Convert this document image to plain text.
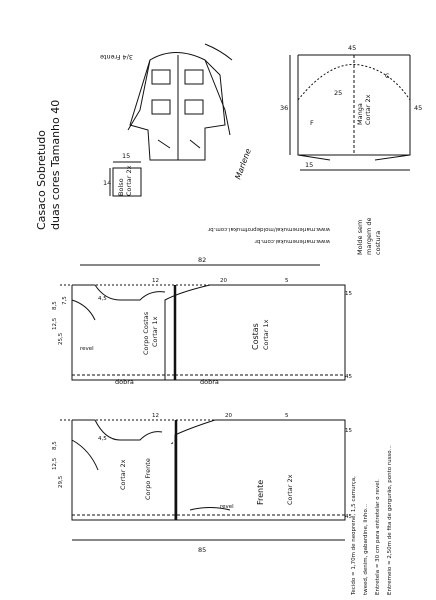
Casaco Sobretudo duas cores Tamanho 40
3/4 Frente
Marlene
www.marlenemukai.com.br
www.marlenemukai/moldeprofmukai.com.br
Bolso Cortar 2x
14
15
Manga Cortar 2x
45
25
36
15
45
C
F
Molde sem margem de costura
Corpo Costas Cortar 1x	Costas Cortar 1x
dobra	dobra
82
12	20	5
15
45
4,5
revel
25,5
8,5
12,5
7,5
Corpo Frente
Cortar 2x
Frente	Cortar 2x
85
12	20	5
15
45
4,5
revel
29,5
8,5
12,5
Tecido = 1,70m de neoprene, 1,5 camurça, tweed, denim, gabardine, linho... Entretela = 30 cm para entretelar o revel. Entremeio = 2,50m de fita de gorgurão, ponto russo...
